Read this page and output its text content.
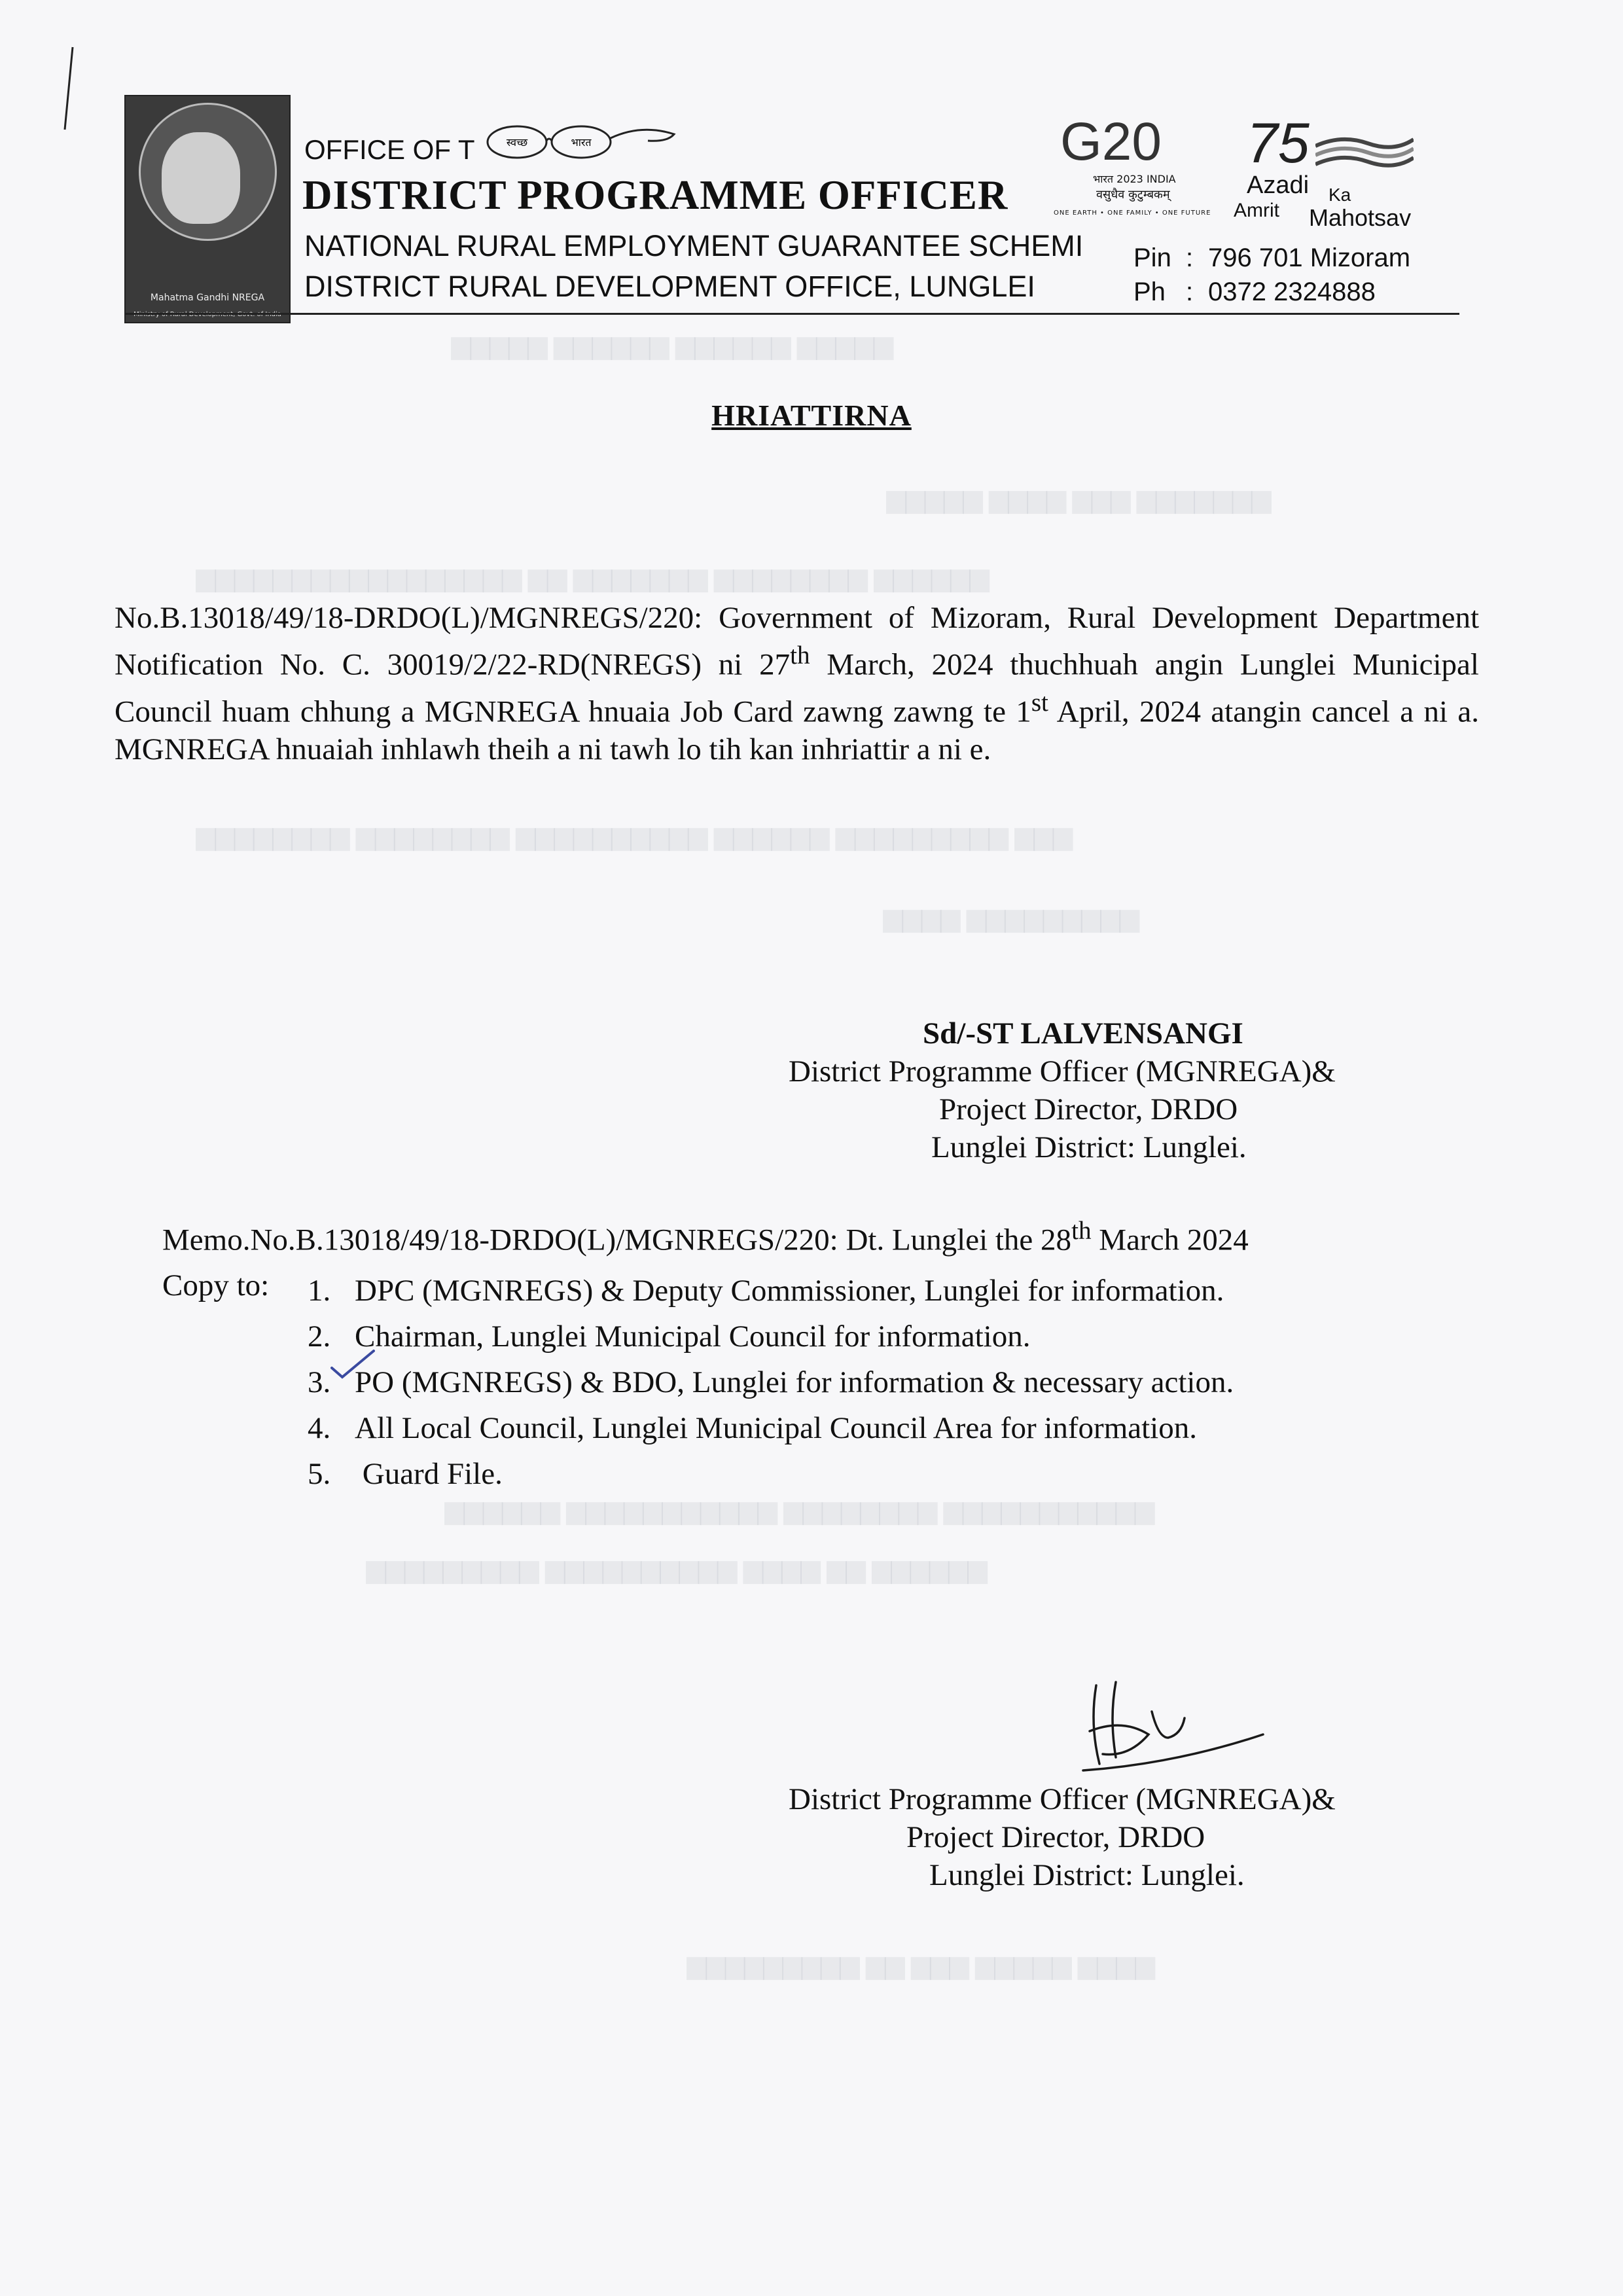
Mahatma Gandhi NREGA
OFFICE OF T	स्वच्छ	भारत
DISTRICT PROGRAMME OFFICER
NATIONAL RURAL EMPLOYMENT GUARANTEE SCHEMI
DISTRICT RURAL DEVELOPMENT OFFICE, LUNGLEI
G20
भारत 2023 INDIA
वसुधैव कुटुम्बकम्
ONE EARTH • ONE FAMILY • ONE FUTURE
75
Azadi Ka
Amrit Mahotsav
Pin : 796 701 Mizoram
Ph : 0372 2324888
▆▆▆▆▆ ▆▆▆▆▆▆ ▆▆▆▆▆▆ ▆▆▆▆▆
▆▆▆▆▆ ▆▆▆▆ ▆▆▆ ▆▆▆▆▆▆▆
▆▆▆▆▆▆▆▆▆▆▆▆▆▆▆▆▆ ▆▆ ▆▆▆▆▆▆▆ ▆▆▆▆▆▆▆▆ ▆▆▆▆▆▆
▆▆▆▆▆▆▆▆ ▆▆▆▆▆▆▆▆ ▆▆▆▆▆▆▆▆▆▆ ▆▆▆▆▆▆ ▆▆▆▆▆▆▆▆▆ ▆▆▆
▆▆▆▆ ▆▆▆▆▆▆▆▆▆
▆▆▆▆▆▆ ▆▆▆▆▆▆▆▆▆▆▆ ▆▆▆▆▆▆▆▆ ▆▆▆▆▆▆▆▆▆▆▆
▆▆▆▆▆▆▆▆▆ ▆▆▆▆▆▆▆▆▆▆ ▆▆▆▆ ▆▆ ▆▆▆▆▆▆
▆▆▆▆▆▆▆▆▆ ▆▆ ▆▆▆ ▆▆▆▆▆ ▆▆▆▆
HRIATTIRNA
No.B.13018/49/18-DRDO(L)/MGNREGS/220: Government of Mizoram, Rural Development Department Notification No. C. 30019/2/22-RD(NREGS) ni 27th March, 2024 thuchhuah angin Lunglei Municipal Council huam chhung a MGNREGA hnuaia Job Card zawng zawng te 1st April, 2024 atangin cancel a ni a. MGNREGA hnuaiah inhlawh theih a ni tawh lo tih kan inhriattir a ni e.
Sd/-ST LALVENSANGI
District Programme Officer (MGNREGA)&
Project Director, DRDO
Lunglei District: Lunglei.
Memo.No.B.13018/49/18-DRDO(L)/MGNREGS/220: Dt. Lunglei the 28th March 2024
Copy to: 1. DPC (MGNREGS) & Deputy Commissioner, Lunglei for information.
2. Chairman, Lunglei Municipal Council for information.
3. PO (MGNREGS) & BDO, Lunglei for information & necessary action.
4. All Local Council, Lunglei Municipal Council Area for information.
5. Guard File.
District Programme Officer (MGNREGA)&
Project Director, DRDO
Lunglei District: Lunglei.
